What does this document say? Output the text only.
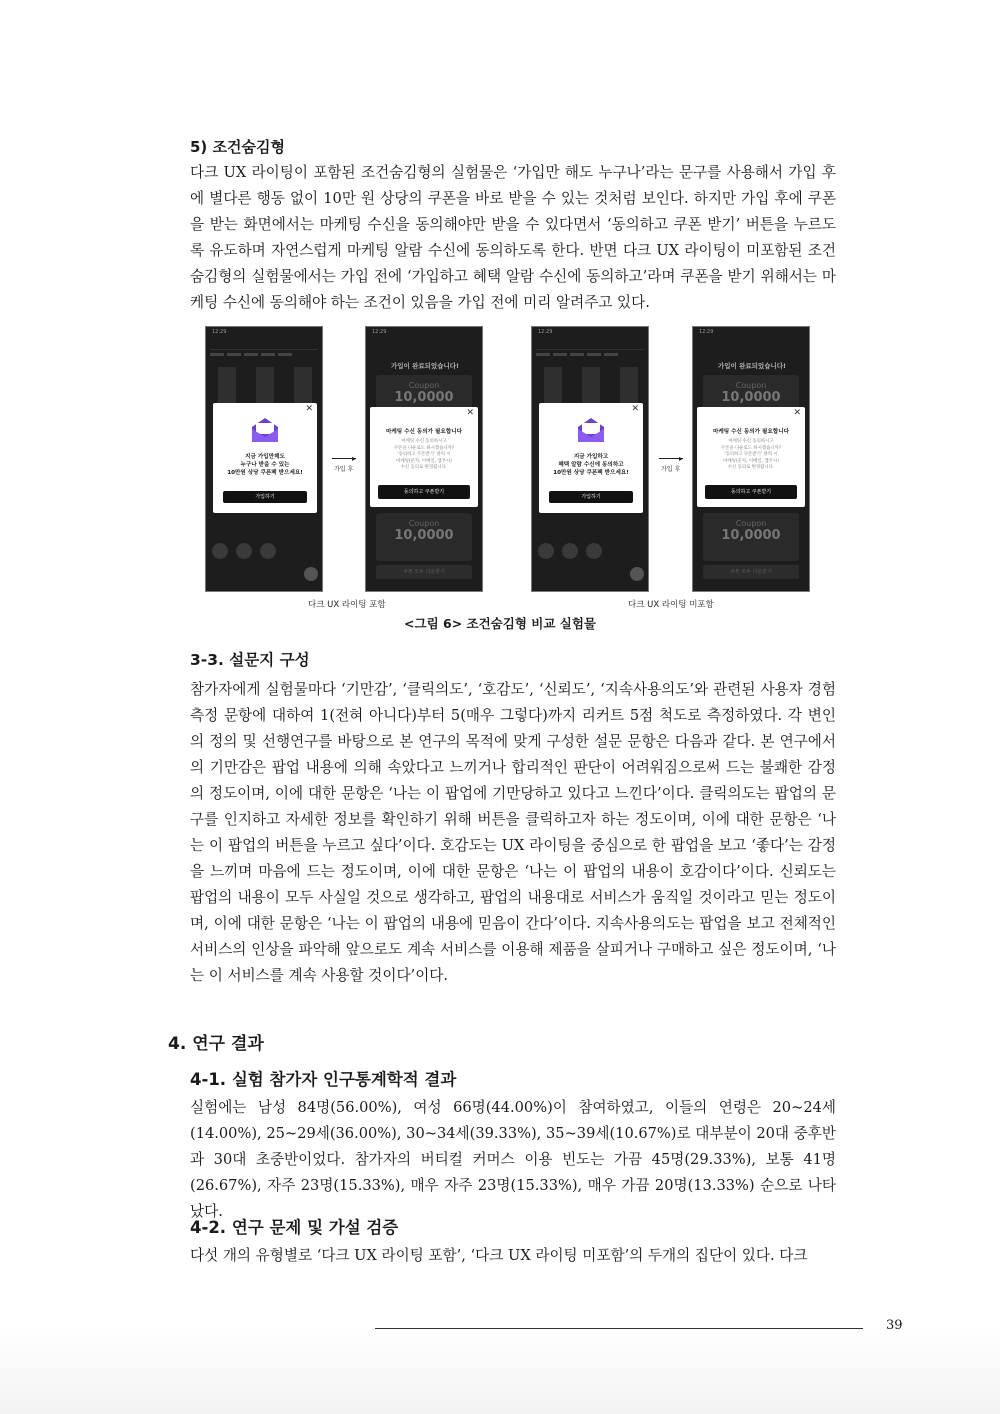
5) 조건숨김형

다크 UX 라이팅이 포함된 조건숨김형의 실험물은 ‘가입만 해도 누구나’라는 문구를 사용해서 가입 후에 별다른 행동 없이 10만 원 상당의 쿠폰을 바로 받을 수 있는 것처럼 보인다. 하지만 가입 후에 쿠폰을 받는 화면에서는 마케팅 수신을 동의해야만 받을 수 있다면서 ‘동의하고 쿠폰 받기’ 버튼을 누르도록 유도하며 자연스럽게 마케팅 알람 수신에 동의하도록 한다. 반면 다크 UX 라이팅이 미포함된 조건숨김형의 실험물에서는 가입 전에 ‘가입하고 혜택 알람 수신에 동의하고’라며 쿠폰을 받기 위해서는 마케팅 수신에 동의해야 하는 조건이 있음을 가입 전에 미리 알려주고 있다.

12:29
✕
지금 가입만해도
누구나 받을 수 있는
10만원 상당 쿠폰팩 받으세요!
가입하기
▸
가입 후
12:29
가입이 완료되었습니다!
Coupon
10,0000
Coupon
10,0000
쿠폰 모두 다운받기
✕
마케팅 수신 동의가 필요합니다
마케팅 수신 동의하시고
쿠폰을 다운로드 하시겠습니까?
'동의하고 쿠폰받기' 클릭 시
마케팅(문자, 이메일, 앱푸시)
수신 동의로 변경됩니다.
동의하고 쿠폰받기
12:29
✕
지금 가입하고
혜택 알람 수신에 동의하고
10만원 상당 쿠폰팩 받으세요!
가입하기
▸
가입 후
12:29
가입이 완료되었습니다!
Coupon
10,0000
Coupon
10,0000
쿠폰 모두 다운받기
✕
마케팅 수신 동의가 필요합니다
마케팅 수신 동의하시고
쿠폰을 다운로드 하시겠습니까?
'동의하고 쿠폰받기' 클릭 시
마케팅(문자, 이메일, 앱푸시)
수신 동의로 변경됩니다.
동의하고 쿠폰받기
다크 UX 라이팅 포함	다크 UX 라이팅 미포함
<그림 6> 조건숨김형 비교 실험물
3-3. 설문지 구성

참가자에게 실험물마다 ‘기만감’, ‘클릭의도’, ‘호감도’, ‘신뢰도’, ‘지속사용의도’와 관련된 사용자 경험 측정 문항에 대하여 1(전혀 아니다)부터 5(매우 그렇다)까지 리커트 5점 척도로 측정하였다. 각 변인의 정의 및 선행연구를 바탕으로 본 연구의 목적에 맞게 구성한 설문 문항은 다음과 같다. 본 연구에서의 기만감은 팝업 내용에 의해 속았다고 느끼거나 합리적인 판단이 어려워짐으로써 드는 불쾌한 감정의 정도이며, 이에 대한 문항은 ‘나는 이 팝업에 기만당하고 있다고 느낀다’이다. 클릭의도는 팝업의 문구를 인지하고 자세한 정보를 확인하기 위해 버튼을 클릭하고자 하는 정도이며, 이에 대한 문항은 ‘나는 이 팝업의 버튼을 누르고 싶다’이다. 호감도는 UX 라이팅을 중심으로 한 팝업을 보고 ‘좋다’는 감정을 느끼며 마음에 드는 정도이며, 이에 대한 문항은 ‘나는 이 팝업의 내용이 호감이다’이다. 신뢰도는 팝업의 내용이 모두 사실일 것으로 생각하고, 팝업의 내용대로 서비스가 움직일 것이라고 믿는 정도이며, 이에 대한 문항은 ‘나는 이 팝업의 내용에 믿음이 간다’이다. 지속사용의도는 팝업을 보고 전체적인 서비스의 인상을 파악해 앞으로도 계속 서비스를 이용해 제품을 살피거나 구매하고 싶은 정도이며, ‘나는 이 서비스를 계속 사용할 것이다’이다.

4. 연구 결과
4-1. 실험 참가자 인구통계학적 결과

실험에는 남성 84명(56.00%), 여성 66명(44.00%)이 참여하였고, 이들의 연령은 20~24세(14.00%), 25~29세(36.00%), 30~34세(39.33%), 35~39세(10.67%)로 대부분이 20대 중후반과 30대 초중반이었다. 참가자의 버티컬 커머스 이용 빈도는 가끔 45명(29.33%), 보통 41명(26.67%), 자주 23명(15.33%), 매우 자주 23명(15.33%), 매우 가끔 20명(13.33%) 순으로 나타났다.

4-2. 연구 문제 및 가설 검증

다섯 개의 유형별로 ‘다크 UX 라이팅 포함’, ‘다크 UX 라이팅 미포함’의 두개의 집단이 있다. 다크

39
